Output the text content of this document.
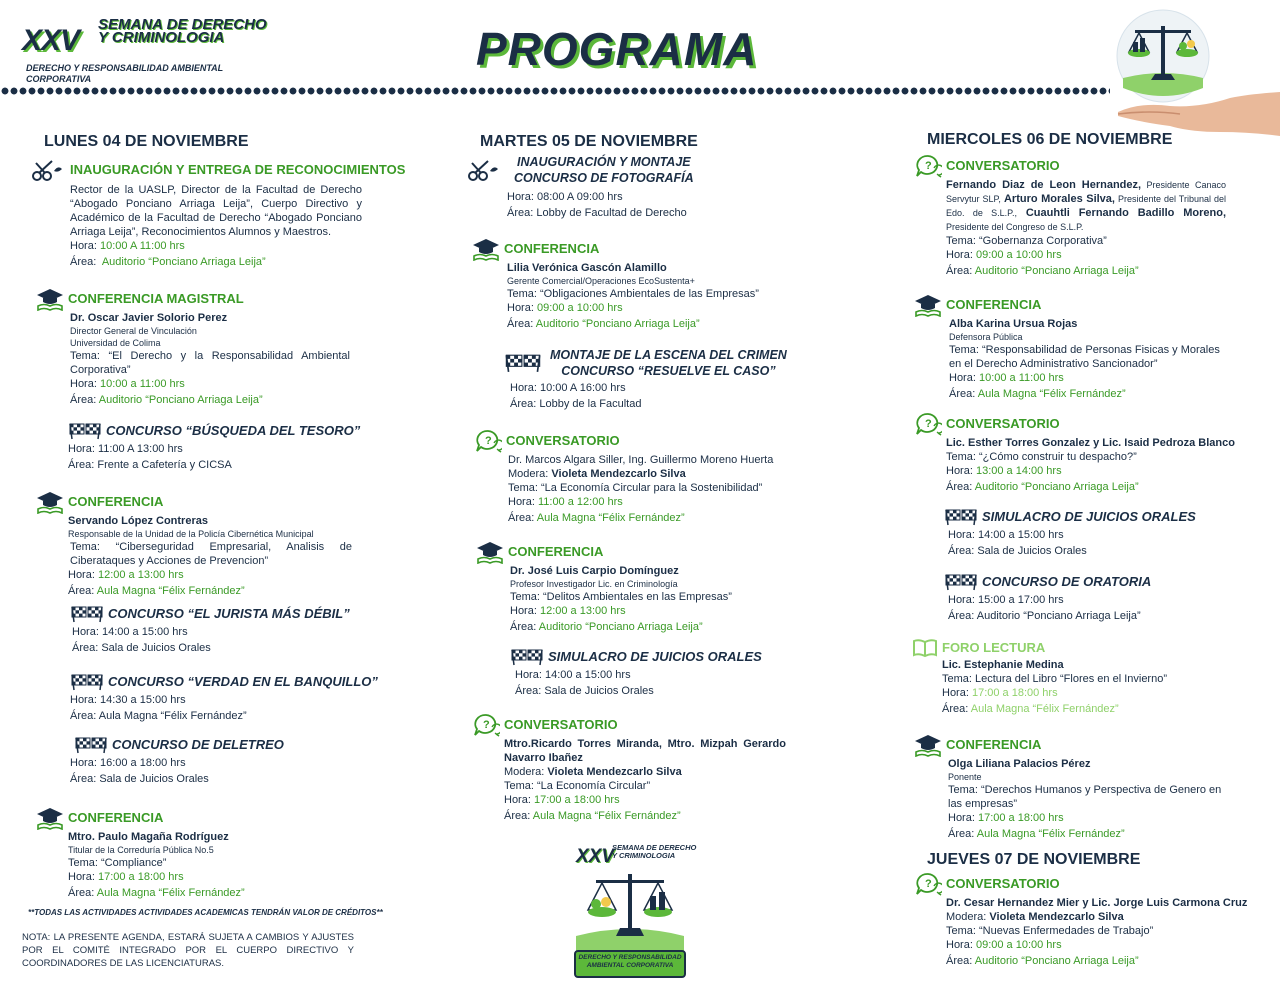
XXV SEMANA DE DERECHO Y CRIMINOLOGIA
DERECHO Y RESPONSABILIDAD AMBIENTAL CORPORATIVA
PROGRAMA
LUNES 04 DE NOVIEMBRE
INAUGURACIÓN Y ENTREGA DE RECONOCIMIENTOS
Rector de la UASLP, Director de la Facultad de Derecho “Abogado Ponciano Arriaga Leija”, Cuerpo Directivo y Académico de la Facultad de Derecho “Abogado Ponciano Arriaga Leija”, Reconocimientos Alumnos y Maestros.
Hora: 10:00 A 11:00 hrs
Área: Auditorio “Ponciano Arriaga Leija”
CONFERENCIA MAGISTRAL
Dr. Oscar Javier Solorio Perez
Director General de Vinculación
Universidad de Colima
Tema: “El Derecho y la Responsabilidad Ambiental Corporativa”
Hora: 10:00 a 11:00 hrs
Área: Auditorio “Ponciano Arriaga Leija”
CONCURSO “BÚSQUEDA DEL TESORO”
Hora: 11:00 A 13:00 hrs
Área: Frente a Cafetería y CICSA
CONFERENCIA
Servando López Contreras
Responsable de la Unidad de la Policía Cibernética Municipal
Tema: “Ciberseguridad Empresarial, Analisis de Ciberataques y Acciones de Prevencion”
Hora: 12:00 a 13:00 hrs
Área: Aula Magna “Félix Fernández”
CONCURSO “EL JURISTA MÁS DÉBIL”
Hora: 14:00 a 15:00 hrs
Área: Sala de Juicios Orales
CONCURSO “VERDAD EN EL BANQUILLO”
Hora: 14:30 a 15:00 hrs
Área: Aula Magna “Félix Fernández”
CONCURSO DE DELETREO
Hora: 16:00 a 18:00 hrs
Área: Sala de Juicios Orales
CONFERENCIA
Mtro. Paulo Magaña Rodríguez
Titular de la Correduría Pública No.5
Tema: “Compliance”
Hora: 17:00 a 18:00 hrs
Área: Aula Magna “Félix Fernández”
MARTES 05 DE NOVIEMBRE
INAUGURACIÓN Y MONTAJE
CONCURSO DE FOTOGRAFÍA
Hora: 08:00 A 09:00 hrs
Área: Lobby de Facultad de Derecho
CONFERENCIA
Lilia Verónica Gascón Alamillo
Gerente Comercial/Operaciones EcoSustenta+
Tema: “Obligaciones Ambientales de las Empresas”
Hora: 09:00 a 10:00 hrs
Área: Auditorio “Ponciano Arriaga Leija”
MONTAJE DE LA ESCENA DEL CRIMEN
CONCURSO “RESUELVE EL CASO”
Hora: 10:00 A 16:00 hrs
Área: Lobby de la Facultad
? CONVERSATORIO
Dr. Marcos Algara Siller, Ing. Guillermo Moreno Huerta
Modera: Violeta Mendezcarlo Silva
Tema: “La Economía Circular para la Sostenibilidad”
Hora: 11:00 a 12:00 hrs
Área: Aula Magna “Félix Fernández”
CONFERENCIA
Dr. José Luis Carpio Domínguez
Profesor Investigador Lic. en Criminología
Tema: “Delitos Ambientales en las Empresas”
Hora: 12:00 a 13:00 hrs
Área: Auditorio “Ponciano Arriaga Leija”
SIMULACRO DE JUICIOS ORALES
Hora: 14:00 a 15:00 hrs
Área: Sala de Juicios Orales
? CONVERSATORIO
Mtro.Ricardo Torres Miranda, Mtro. Mizpah Gerardo Navarro Ibañez
Modera: Violeta Mendezcarlo Silva
Tema: “La Economía Circular”
Hora: 17:00 a 18:00 hrs
Área: Aula Magna “Félix Fernández”
XXV
SEMANA DE DERECHO Y CRIMINOLOGIA
DERECHO Y RESPONSABILIDAD AMBIENTAL CORPORATIVA
MIERCOLES 06 DE NOVIEMBRE
? CONVERSATORIO
Fernando Diaz de Leon Hernandez, Presidente Canaco Servytur SLP, Arturo Morales Silva, Presidente del Tribunal del Edo. de S.L.P., Cuauhtli Fernando Badillo Moreno, Presidente del Congreso de S.L.P.
Tema: “Gobernanza Corporativa”
Hora: 09:00 a 10:00 hrs
Área: Auditorio “Ponciano Arriaga Leija”
CONFERENCIA
Alba Karina Ursua Rojas
Defensora Pública
Tema: “Responsabilidad de Personas Fisicas y Morales
en el Derecho Administrativo Sancionador”
Hora: 10:00 a 11:00 hrs
Área: Aula Magna “Félix Fernández”
? CONVERSATORIO
Lic. Esther Torres Gonzalez y Lic. Isaid Pedroza Blanco
Tema: “¿Cómo construir tu despacho?”
Hora: 13:00 a 14:00 hrs
Área: Auditorio “Ponciano Arriaga Leija”
SIMULACRO DE JUICIOS ORALES
Hora: 14:00 a 15:00 hrs
Área: Sala de Juicios Orales
CONCURSO DE ORATORIA
Hora: 15:00 a 17:00 hrs
Área: Auditorio “Ponciano Arriaga Leija”
FORO LECTURA
Lic. Estephanie Medina
Tema: Lectura del Libro “Flores en el Invierno”
Hora: 17:00 a 18:00 hrs
Área: Aula Magna “Félix Fernández”
CONFERENCIA
Olga Liliana Palacios Pérez
Ponente
Tema: “Derechos Humanos y Perspectiva de Genero en
las empresas”
Hora: 17:00 a 18:00 hrs
Área: Aula Magna “Félix Fernández”
JUEVES 07 DE NOVIEMBRE
? CONVERSATORIO
Dr. Cesar Hernandez Mier y Lic. Jorge Luis Carmona Cruz
Modera: Violeta Mendezcarlo Silva
Tema: “Nuevas Enfermedades de Trabajo”
Hora: 09:00 a 10:00 hrs
Área: Auditorio “Ponciano Arriaga Leija”
**TODAS LAS ACTIVIDADES ACTIVIDADES ACADEMICAS TENDRÁN VALOR DE CRÉDITOS**
NOTA: LA PRESENTE AGENDA, ESTARÁ SUJETA A CAMBIOS Y AJUSTES POR EL COMITÉ INTEGRADO POR EL CUERPO DIRECTIVO Y COORDINADORES DE LAS LICENCIATURAS.
